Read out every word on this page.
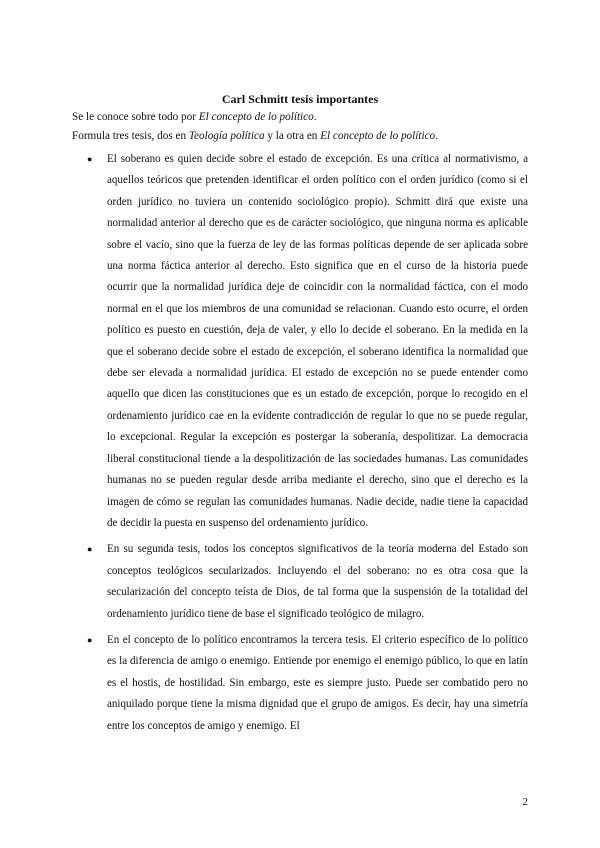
Carl Schmitt tesis importantes

Se le conoce sobre todo por El concepto de lo político.

Formula tres tesis, dos en Teología política y la otra en El concepto de lo político.

● El soberano es quien decide sobre el estado de excepción. Es una crítica al normativismo, a aquellos teóricos que pretenden identificar el orden político con el orden jurídico (como si el orden jurídico no tuviera un contenido sociológico propio). Schmitt dirá que existe una normalidad anterior al derecho que es de carácter sociológico, que ninguna norma es aplicable sobre el vacío, sino que la fuerza de ley de las formas políticas depende de ser aplicada sobre una norma fáctica anterior al derecho. Esto significa que en el curso de la historia puede ocurrir que la normalidad jurídica deje de coincidir con la normalidad fáctica, con el modo normal en el que los miembros de una comunidad se relacionan. Cuando esto ocurre, el orden político es puesto en cuestión, deja de valer, y ello lo decide el soberano. En la medida en la que el soberano decide sobre el estado de excepción, el soberano identifica la normalidad que debe ser elevada a normalidad jurídica. El estado de excepción no se puede entender como aquello que dicen las constituciones que es un estado de excepción, porque lo recogido en el ordenamiento jurídico cae en la evidente contradicción de regular lo que no se puede regular, lo excepcional. Regular la excepción es postergar la soberanía, despolitizar. La democracia liberal constitucional tiende a la despolitización de las sociedades humanas. Las comunidades humanas no se pueden regular desde arriba mediante el derecho, sino que el derecho es la imagen de cómo se regulan las comunidades humanas. Nadie decide, nadie tiene la capacidad de decidir la puesta en suspenso del ordenamiento jurídico.
● En su segunda tesis, todos los conceptos significativos de la teoría moderna del Estado son conceptos teológicos secularizados. Incluyendo el del soberano: no es otra cosa que la secularización del concepto teísta de Dios, de tal forma que la suspensión de la totalidad del ordenamiento jurídico tiene de base el significado teológico de milagro.
● En el concepto de lo político encontramos la tercera tesis. El criterio específico de lo político es la diferencia de amigo o enemigo. Entiende por enemigo el enemigo público, lo que en latín es el hostis, de hostilidad. Sin embargo, este es siempre justo. Puede ser combatido pero no aniquilado porque tiene la misma dignidad que el grupo de amigos. Es decir, hay una simetría entre los conceptos de amigo y enemigo. El
2
